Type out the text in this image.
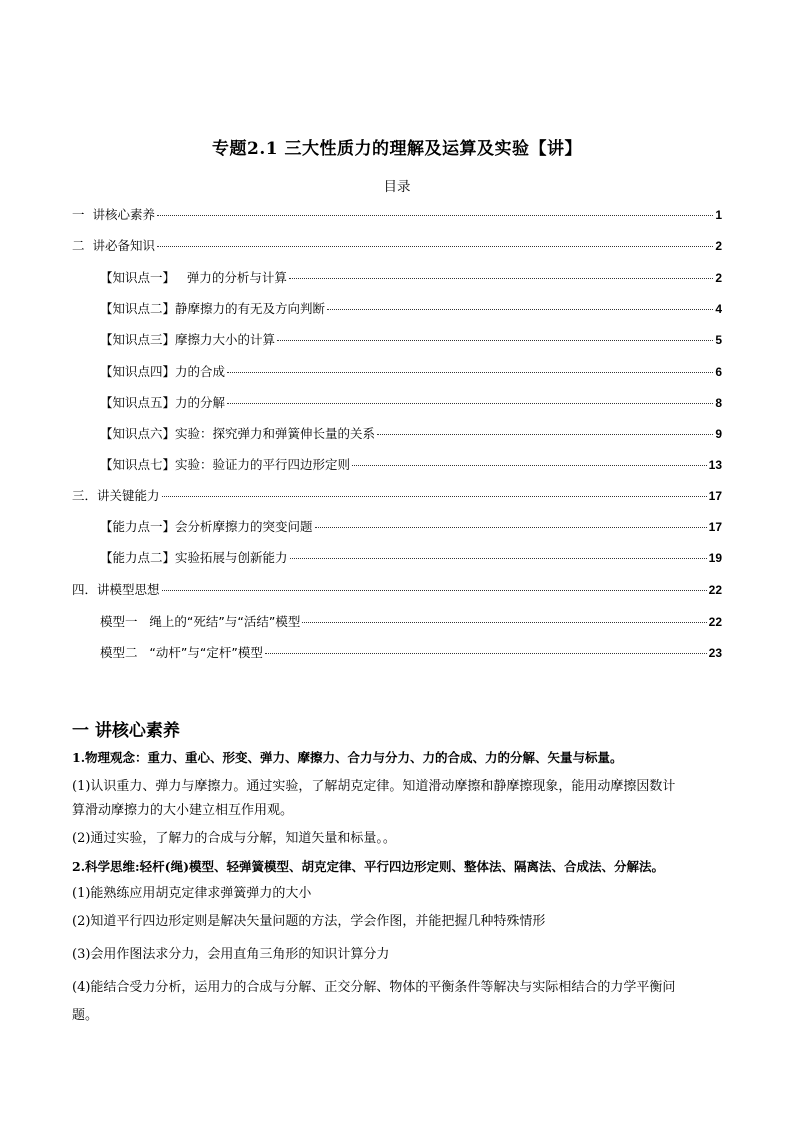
专题2.1 三大性质力的理解及运算及实验【讲】
目录
一  讲核心素养	1
二  讲必备知识	2
【知识点一】   弹力的分析与计算	2
【知识点二】静摩擦力的有无及方向判断	4
【知识点三】摩擦力大小的计算	5
【知识点四】力的合成	6
【知识点五】力的分解	8
【知识点六】实验：探究弹力和弹簧伸长量的关系	9
【知识点七】实验：验证力的平行四边形定则	13
三．讲关键能力	17
【能力点一】会分析摩擦力的突变问题	17
【能力点二】实验拓展与创新能力	19
四．讲模型思想	22
模型一   绳上的“死结”与“活结”模型	22
模型二   “动杆”与“定杆”模型	23
一 讲核心素养
1.物理观念：重力、重心、形变、弹力、摩擦力、合力与分力、力的合成、力的分解、矢量与标量。
(1)认识重力、弹力与摩擦力。通过实验，了解胡克定律。知道滑动摩擦和静摩擦现象，能用动摩擦因数计
算滑动摩擦力的大小建立相互作用观。
(2)通过实验，了解力的合成与分解，知道矢量和标量。。
2.科学思维:轻杆(绳)模型、轻弹簧模型、胡克定律、平行四边形定则、整体法、隔离法、合成法、分解法。
(1)能熟练应用胡克定律求弹簧弹力的大小
(2)知道平行四边形定则是解决矢量问题的方法，学会作图，并能把握几种特殊情形
(3)会用作图法求分力，会用直角三角形的知识计算分力
(4)能结合受力分析，运用力的合成与分解、正交分解、物体的平衡条件等解决与实际相结合的力学平衡问
题。
